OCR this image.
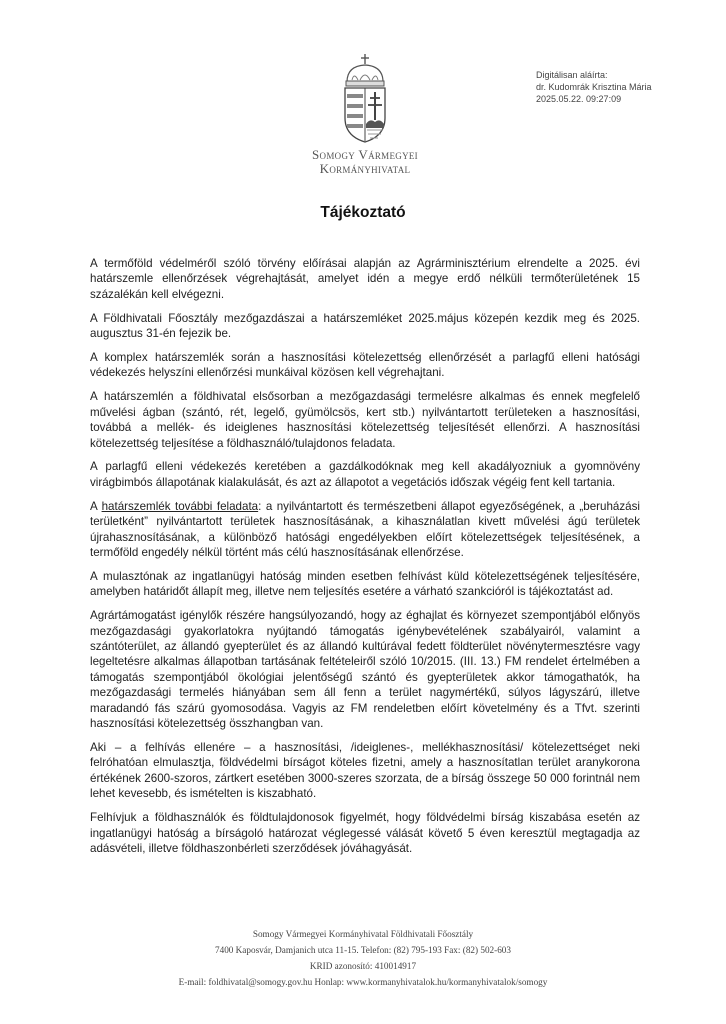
Somogy Vármegyei
Kormányhivatal
Digitálisan aláírta:
dr. Kudomrák Krisztina Mária
2025.05.22. 09:27:09
Tájékoztató

A termőföld védelméről szóló törvény előírásai alapján az Agrárminisztérium elrendelte a 2025. évi határszemle ellenőrzések végrehajtását, amelyet idén a megye erdő nélküli termőterületének 15 százalékán kell elvégezni.

A Földhivatali Főosztály mezőgazdászai a határszemléket 2025.május közepén kezdik meg és 2025. augusztus 31-én fejezik be.

A komplex határszemlék során a hasznosítási kötelezettség ellenőrzését a parlagfű elleni hatósági védekezés helyszíni ellenőrzési munkáival közösen kell végrehajtani.

A határszemlén a földhivatal elsősorban a mezőgazdasági termelésre alkalmas és ennek megfelelő művelési ágban (szántó, rét, legelő, gyümölcsös, kert stb.) nyilvántartott területeken a hasznosítási, továbbá a mellék- és ideiglenes hasznosítási kötelezettség teljesítését ellenőrzi. A hasznosítási kötelezettség teljesítése a földhasználó/tulajdonos feladata.

A parlagfű elleni védekezés keretében a gazdálkodóknak meg kell akadályozniuk a gyomnövény virágbimbós állapotának kialakulását, és azt az állapotot a vegetációs időszak végéig fent kell tartania.

A határszemlék további feladata: a nyilvántartott és természetbeni állapot egyezőségének, a „beruházási területként” nyilvántartott területek hasznosításának, a kihasználatlan kivett művelési ágú területek újrahasznosításának, a különböző hatósági engedélyekben előírt kötelezettségek teljesítésének, a termőföld engedély nélkül történt más célú hasznosításának ellenőrzése.

A mulasztónak az ingatlanügyi hatóság minden esetben felhívást küld kötelezettségének teljesítésére, amelyben határidőt állapít meg, illetve nem teljesítés esetére a várható szankcióról is tájékoztatást ad.

Agrártámogatást igénylők részére hangsúlyozandó, hogy az éghajlat és környezet szempontjából előnyös mezőgazdasági gyakorlatokra nyújtandó támogatás igénybevételének szabályairól, valamint a szántóterület, az állandó gyepterület és az állandó kultúrával fedett földterület növénytermesztésre vagy legeltetésre alkalmas állapotban tartásának feltételeiről szóló 10/2015. (III. 13.) FM rendelet értelmében a támogatás szempontjából ökológiai jelentőségű szántó és gyepterületek akkor támogathatók, ha mezőgazdasági termelés hiányában sem áll fenn a terület nagymértékű, súlyos lágyszárú, illetve maradandó fás szárú gyomosodása. Vagyis az FM rendeletben előírt követelmény és a Tfvt. szerinti hasznosítási kötelezettség összhangban van.

Aki – a felhívás ellenére – a hasznosítási, /ideiglenes-, mellékhasznosítási/ kötelezettséget neki felróhatóan elmulasztja, földvédelmi bírságot köteles fizetni, amely a hasznosítatlan terület aranykorona értékének 2600-szoros, zártkert esetében 3000-szeres szorzata, de a bírság összege 50 000 forintnál nem lehet kevesebb, és ismételten is kiszabható.

Felhívjuk a földhasználók és földtulajdonosok figyelmét, hogy földvédelmi bírság kiszabása esetén az ingatlanügyi hatóság a bírságoló határozat véglegessé válását követő 5 éven keresztül megtagadja az adásvételi, illetve földhaszonbérleti szerződések jóváhagyását.

Somogy Vármegyei Kormányhivatal Földhivatali Főosztály
7400 Kaposvár, Damjanich utca 11-15. Telefon: (82) 795-193 Fax: (82) 502-603
KRID azonosító: 410014917
E-mail: foldhivatal@somogy.gov.hu Honlap: www.kormanyhivatalok.hu/kormanyhivatalok/somogy
